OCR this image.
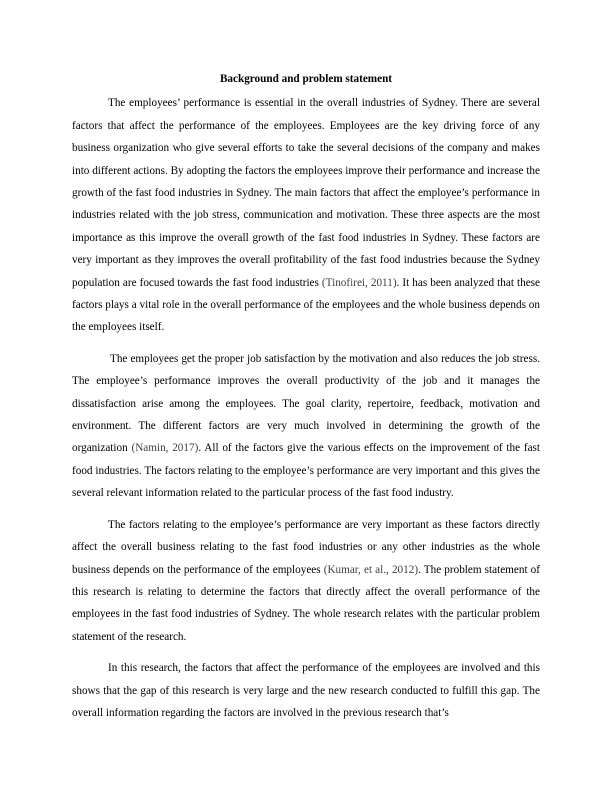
Background and problem statement

The employees’ performance is essential in the overall industries of Sydney. There are several factors that affect the performance of the employees. Employees are the key driving force of any business organization who give several efforts to take the several decisions of the company and makes into different actions. By adopting the factors the employees improve their performance and increase the growth of the fast food industries in Sydney. The main factors that affect the employee’s performance in industries related with the job stress, communication and motivation. These three aspects are the most importance as this improve the overall growth of the fast food industries in Sydney. These factors are very important as they improves the overall profitability of the fast food industries because the Sydney population are focused towards the fast food industries (Tinofirei, 2011). It has been analyzed that these factors plays a vital role in the overall performance of the employees and the whole business depends on the employees itself.

The employees get the proper job satisfaction by the motivation and also reduces the job stress. The employee’s performance improves the overall productivity of the job and it manages the dissatisfaction arise among the employees. The goal clarity, repertoire, feedback, motivation and environment. The different factors are very much involved in determining the growth of the organization (Namin, 2017). All of the factors give the various effects on the improvement of the fast food industries. The factors relating to the employee’s performance are very important and this gives the several relevant information related to the particular process of the fast food industry.

The factors relating to the employee’s performance are very important as these factors directly affect the overall business relating to the fast food industries or any other industries as the whole business depends on the performance of the employees (Kumar, et al., 2012). The problem statement of this research is relating to determine the factors that directly affect the overall performance of the employees in the fast food industries of Sydney. The whole research relates with the particular problem statement of the research.

In this research, the factors that affect the performance of the employees are involved and this shows that the gap of this research is very large and the new research conducted to fulfill this gap. The overall information regarding the factors are involved in the previous research that’s
